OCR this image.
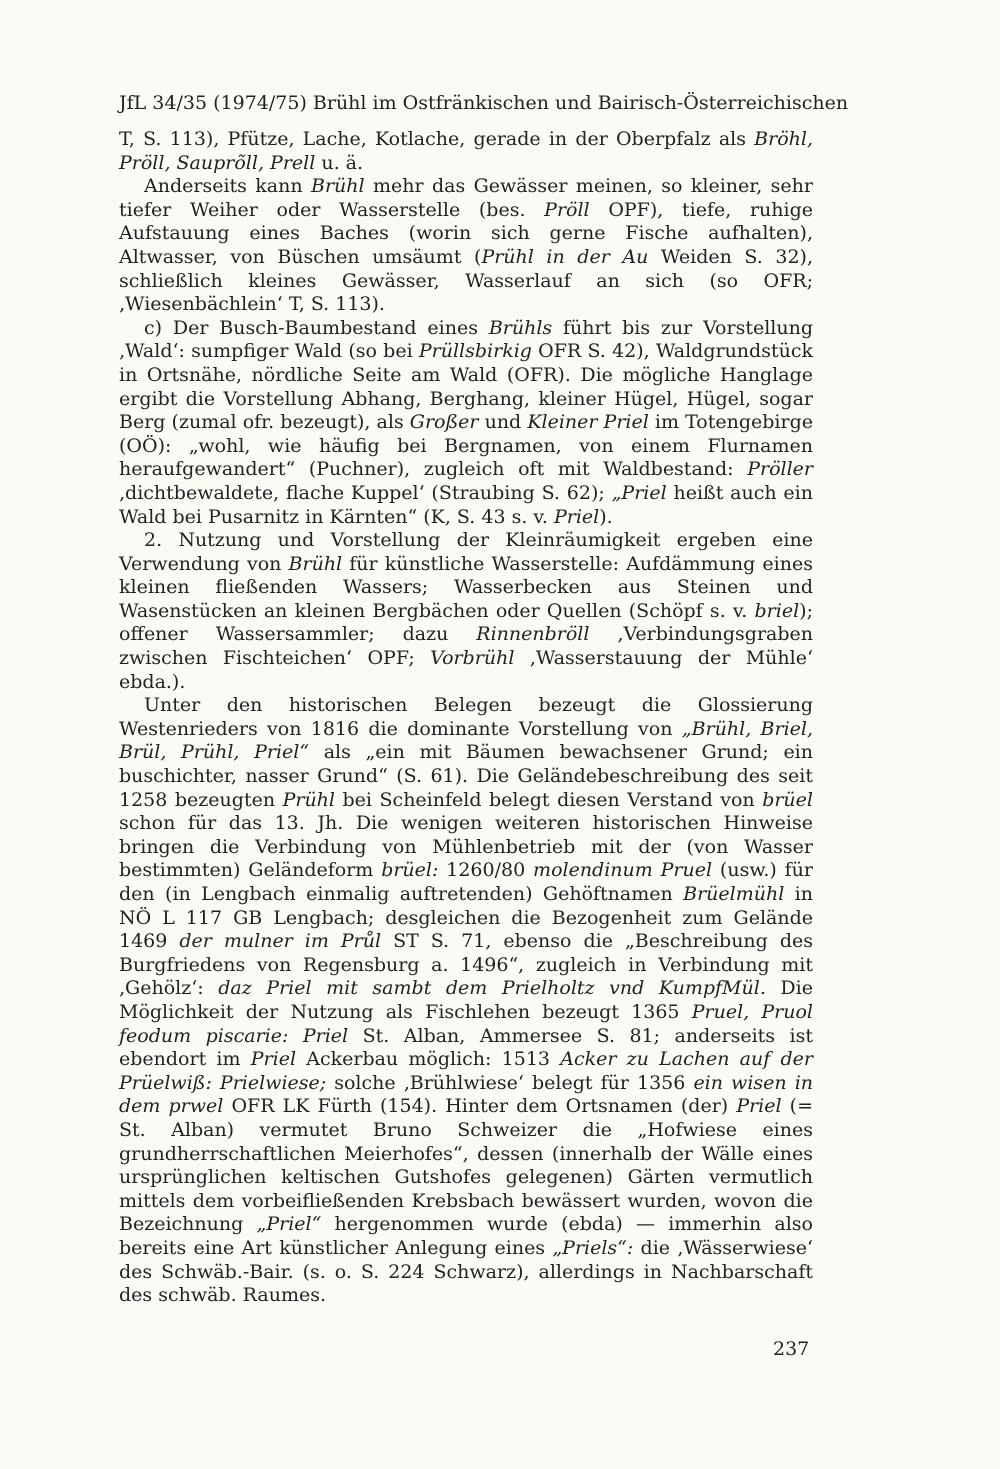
JfL 34/35 (1974/75) Brühl im Ostfränkischen und Bairisch-Österreichischen

T, S. 113), Pfütze, Lache, Kotlache, gerade in der Oberpfalz als Bröhl, Pröll, Sauprõll, Prell u. ä.

Anderseits kann Brühl mehr das Gewässer meinen, so kleiner, sehr tiefer Weiher oder Wasserstelle (bes. Pröll OPF), tiefe, ruhige Aufstauung eines Baches (worin sich gerne Fische aufhalten), Altwasser, von Büschen umsäumt (Prühl in der Au Weiden S. 32), schließlich kleines Gewässer, Wasserlauf an sich (so OFR; ‚Wiesenbächlein‘ T, S. 113).

c) Der Busch-Baumbestand eines Brühls führt bis zur Vorstellung ‚Wald‘: sumpfiger Wald (so bei Prüllsbirkig OFR S. 42), Waldgrundstück in Ortsnähe, nördliche Seite am Wald (OFR). Die mögliche Hanglage ergibt die Vorstellung Abhang, Berghang, kleiner Hügel, Hügel, sogar Berg (zumal ofr. bezeugt), als Großer und Kleiner Priel im Totengebirge (OÖ): „wohl, wie häufig bei Bergnamen, von einem Flurnamen heraufgewandert“ (Puchner), zugleich oft mit Waldbestand: Pröller ‚dichtbewaldete, flache Kuppel‘ (Straubing S. 62); „Priel heißt auch ein Wald bei Pusarnitz in Kärnten“ (K, S. 43 s. v. Priel).

2. Nutzung und Vorstellung der Kleinräumigkeit ergeben eine Verwendung von Brühl für künstliche Wasserstelle: Aufdämmung eines kleinen fließenden Wassers; Wasserbecken aus Steinen und Wasenstücken an kleinen Bergbächen oder Quellen (Schöpf s. v. briel); offener Wassersammler; dazu Rinnenbröll ‚Verbindungsgraben zwischen Fischteichen‘ OPF; Vorbrühl ‚Wasserstauung der Mühle‘ ebda.).

Unter den historischen Belegen bezeugt die Glossierung Westenrieders von 1816 die dominante Vorstellung von „Brühl, Briel, Brül, Prühl, Priel“ als „ein mit Bäumen bewachsener Grund; ein buschichter, nasser Grund“ (S. 61). Die Geländebeschreibung des seit 1258 bezeugten Prühl bei Scheinfeld belegt diesen Verstand von brüel schon für das 13. Jh. Die wenigen weiteren historischen Hinweise bringen die Verbindung von Mühlenbetrieb mit der (von Wasser bestimmten) Geländeform brüel: 1260/80 molendinum Pruel (usw.) für den (in Lengbach einmalig auftretenden) Gehöftnamen Brüelmühl in NÖ L 117 GB Lengbach; desgleichen die Bezogenheit zum Gelände 1469 der mulner im Průl ST S. 71, ebenso die „Beschreibung des Burgfriedens von Regensburg a. 1496“, zugleich in Verbindung mit ‚Gehölz‘: daz Priel mit sambt dem Prielholtz vnd KumpfMül. Die Möglichkeit der Nutzung als Fischlehen bezeugt 1365 Pruel, Pruol feodum piscarie: Priel St. Alban, Ammersee S. 81; anderseits ist ebendort im Priel Ackerbau möglich: 1513 Acker zu Lachen auf der Prüelwiß: Prielwiese; solche ‚Brühlwiese‘ belegt für 1356 ein wisen in dem prwel OFR LK Fürth (154). Hinter dem Ortsnamen (der) Priel (= St. Alban) vermutet Bruno Schweizer die „Hofwiese eines grundherrschaftlichen Meierhofes“, dessen (innerhalb der Wälle eines ursprünglichen keltischen Gutshofes gelegenen) Gärten vermutlich mittels dem vorbeifließenden Krebsbach bewässert wurden, wovon die Bezeichnung „Priel“ hergenommen wurde (ebda) — immerhin also bereits eine Art künstlicher Anlegung eines „Priels“: die ‚Wässerwiese‘ des Schwäb.-Bair. (s. o. S. 224 Schwarz), allerdings in Nachbarschaft des schwäb. Raumes.

237
